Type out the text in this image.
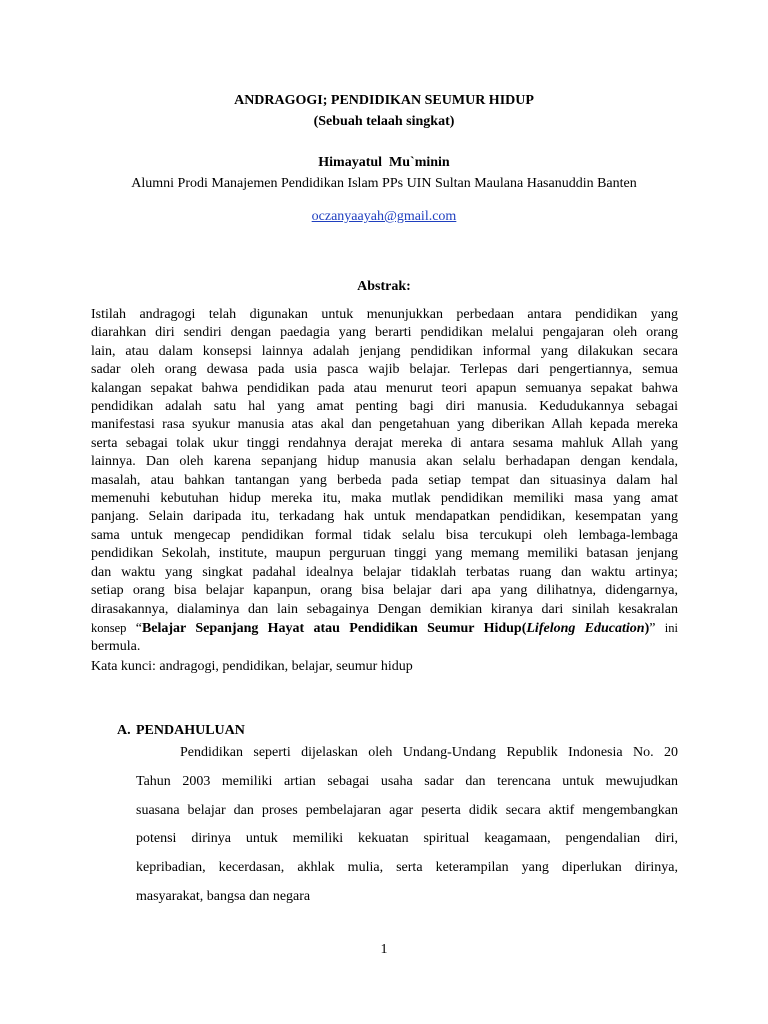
ANDRAGOGI; PENDIDIKAN SEUMUR HIDUP
(Sebuah telaah singkat)
Himayatul  Mu`minin
Alumni Prodi Manajemen Pendidikan Islam PPs UIN Sultan Maulana Hasanuddin Banten
oczanyaayah@gmail.com
Abstrak:
Istilah andragogi telah digunakan untuk menunjukkan perbedaan antara pendidikan yang
diarahkan diri sendiri dengan paedagia yang berarti pendidikan melalui pengajaran oleh orang
lain, atau dalam konsepsi lainnya adalah jenjang pendidikan informal yang dilakukan secara
sadar oleh orang dewasa pada usia pasca wajib belajar. Terlepas dari pengertiannya, semua
kalangan sepakat bahwa pendidikan pada atau menurut teori apapun semuanya sepakat bahwa
pendidikan adalah satu hal yang amat penting bagi diri manusia. Kedudukannya sebagai
manifestasi rasa syukur manusia atas akal dan pengetahuan yang diberikan Allah kepada mereka
serta sebagai tolak ukur tinggi rendahnya derajat mereka di antara sesama mahluk Allah yang
lainnya. Dan oleh karena sepanjang hidup manusia akan selalu berhadapan dengan kendala,
masalah, atau bahkan tantangan yang berbeda pada setiap tempat dan situasinya dalam hal
memenuhi kebutuhan hidup mereka itu, maka mutlak pendidikan memiliki masa yang amat
panjang. Selain daripada itu, terkadang hak untuk mendapatkan pendidikan, kesempatan yang
sama untuk mengecap pendidikan formal tidak selalu bisa tercukupi oleh lembaga-lembaga
pendidikan Sekolah, institute, maupun perguruan tinggi yang memang memiliki batasan jenjang
dan waktu yang singkat padahal idealnya belajar tidaklah terbatas ruang dan waktu artinya;
setiap orang bisa belajar kapanpun, orang bisa belajar dari apa yang dilihatnya, didengarnya,
dirasakannya, dialaminya dan lain sebagainya Dengan demikian kiranya dari sinilah kesakralan
konsep “Belajar Sepanjang Hayat atau Pendidikan Seumur Hidup(Lifelong Education)” ini
bermula.
Kata kunci: andragogi, pendidikan, belajar, seumur hidup
A. PENDAHULUAN
Pendidikan seperti dijelaskan oleh Undang-Undang Republik Indonesia No. 20
Tahun 2003 memiliki artian sebagai usaha sadar dan terencana untuk mewujudkan
suasana belajar dan proses pembelajaran agar peserta didik secara aktif mengembangkan
potensi dirinya untuk memiliki kekuatan spiritual keagamaan, pengendalian diri,
kepribadian, kecerdasan, akhlak mulia, serta keterampilan yang diperlukan dirinya,
masyarakat, bangsa dan negara
1
